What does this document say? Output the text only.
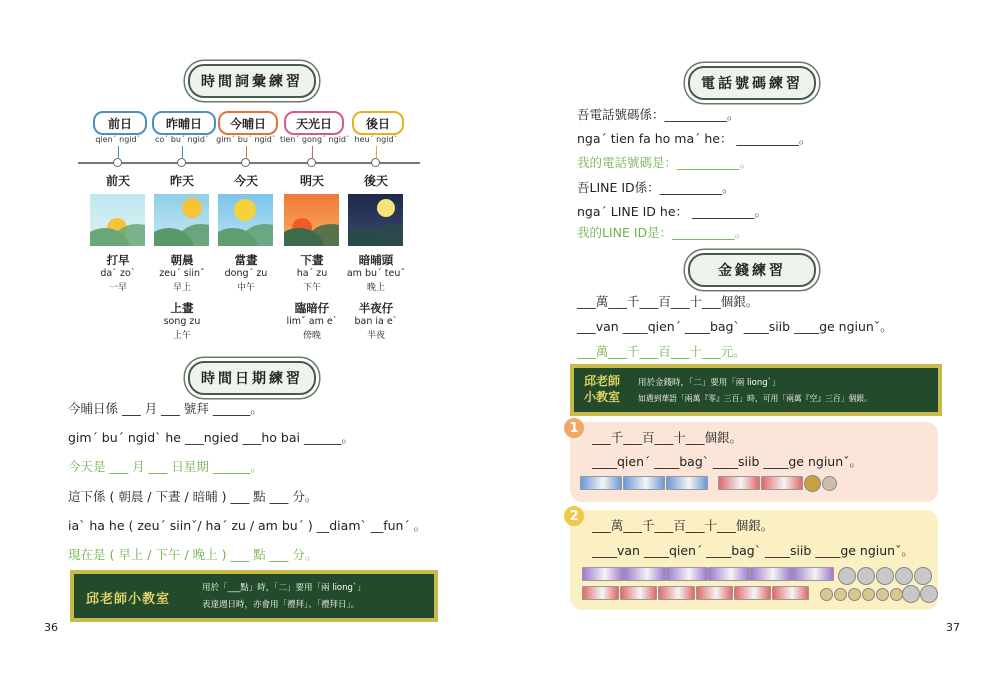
時間詞彙練習
前日
qienˊ ngidˋ
前天
昨晡日
coˊ buˊ ngidˋ
昨天
今晡日
gimˊ buˊ ngidˋ
今天
天光日
tienˊ gongˊ ngidˋ
明天
後日
heuˊ ngidˋ
後天
打早
daˋ zoˋ
一早
朝晨
zeuˊ siinˇ
早上
上晝
song zu
上午
當晝
dongˊ zu
中午
下晝
haˊ zu
下午
臨暗仔
limˇ am eˋ
傍晚
暗晡頭
am buˊ teuˇ
晚上
半夜仔
ban ia eˋ
半夜
時間日期練習
今晡日係 ___ 月 ___ 號拜 ______。
gimˊ buˊ ngidˋ he ___ngied ___ho bai ______。
今天是 ___ 月 ___ 日星期 ______。
這下係 ( 朝晨 / 下晝 / 暗晡 ) ___ 點 ___ 分。
iaˋ ha he ( zeuˊ siinˇ/ haˊ zu / am buˊ ) __diamˋ __funˊ 。
現在是 ( 早上 / 下午 / 晚上 ) ___ 點 ___ 分。
邱老師小教室
用於「___點」時，「二」要用「兩 liongˋ」
表達週日時，亦會用「禮拜」、「禮拜日」。
36
電話號碼練習
吾電話號碼係：__________。
ngaˊ tien fa ho maˊ he： __________。
我的電話號碼是：__________。
吾LINE ID係：__________。
ngaˊ LINE ID he： __________。
我的LINE ID是：__________。
金錢練習
___萬___千___百___十___個銀。
___van ____qienˊ ____bagˋ ____siib ____ge ngiunˇ。
___萬___千___百___十___元。
邱老師
小教室
用於金錢時，「二」要用「兩 liongˋ」
如遇到華語「兩萬『零』三百」時，可用「兩萬『空』三百」個銀。
1
___千___百___十___個銀。
____qienˊ ____bagˋ ____siib ____ge ngiunˇ。
2
___萬___千___百___十___個銀。
____van ____qienˊ ____bagˋ ____siib ____ge ngiunˇ。
37
